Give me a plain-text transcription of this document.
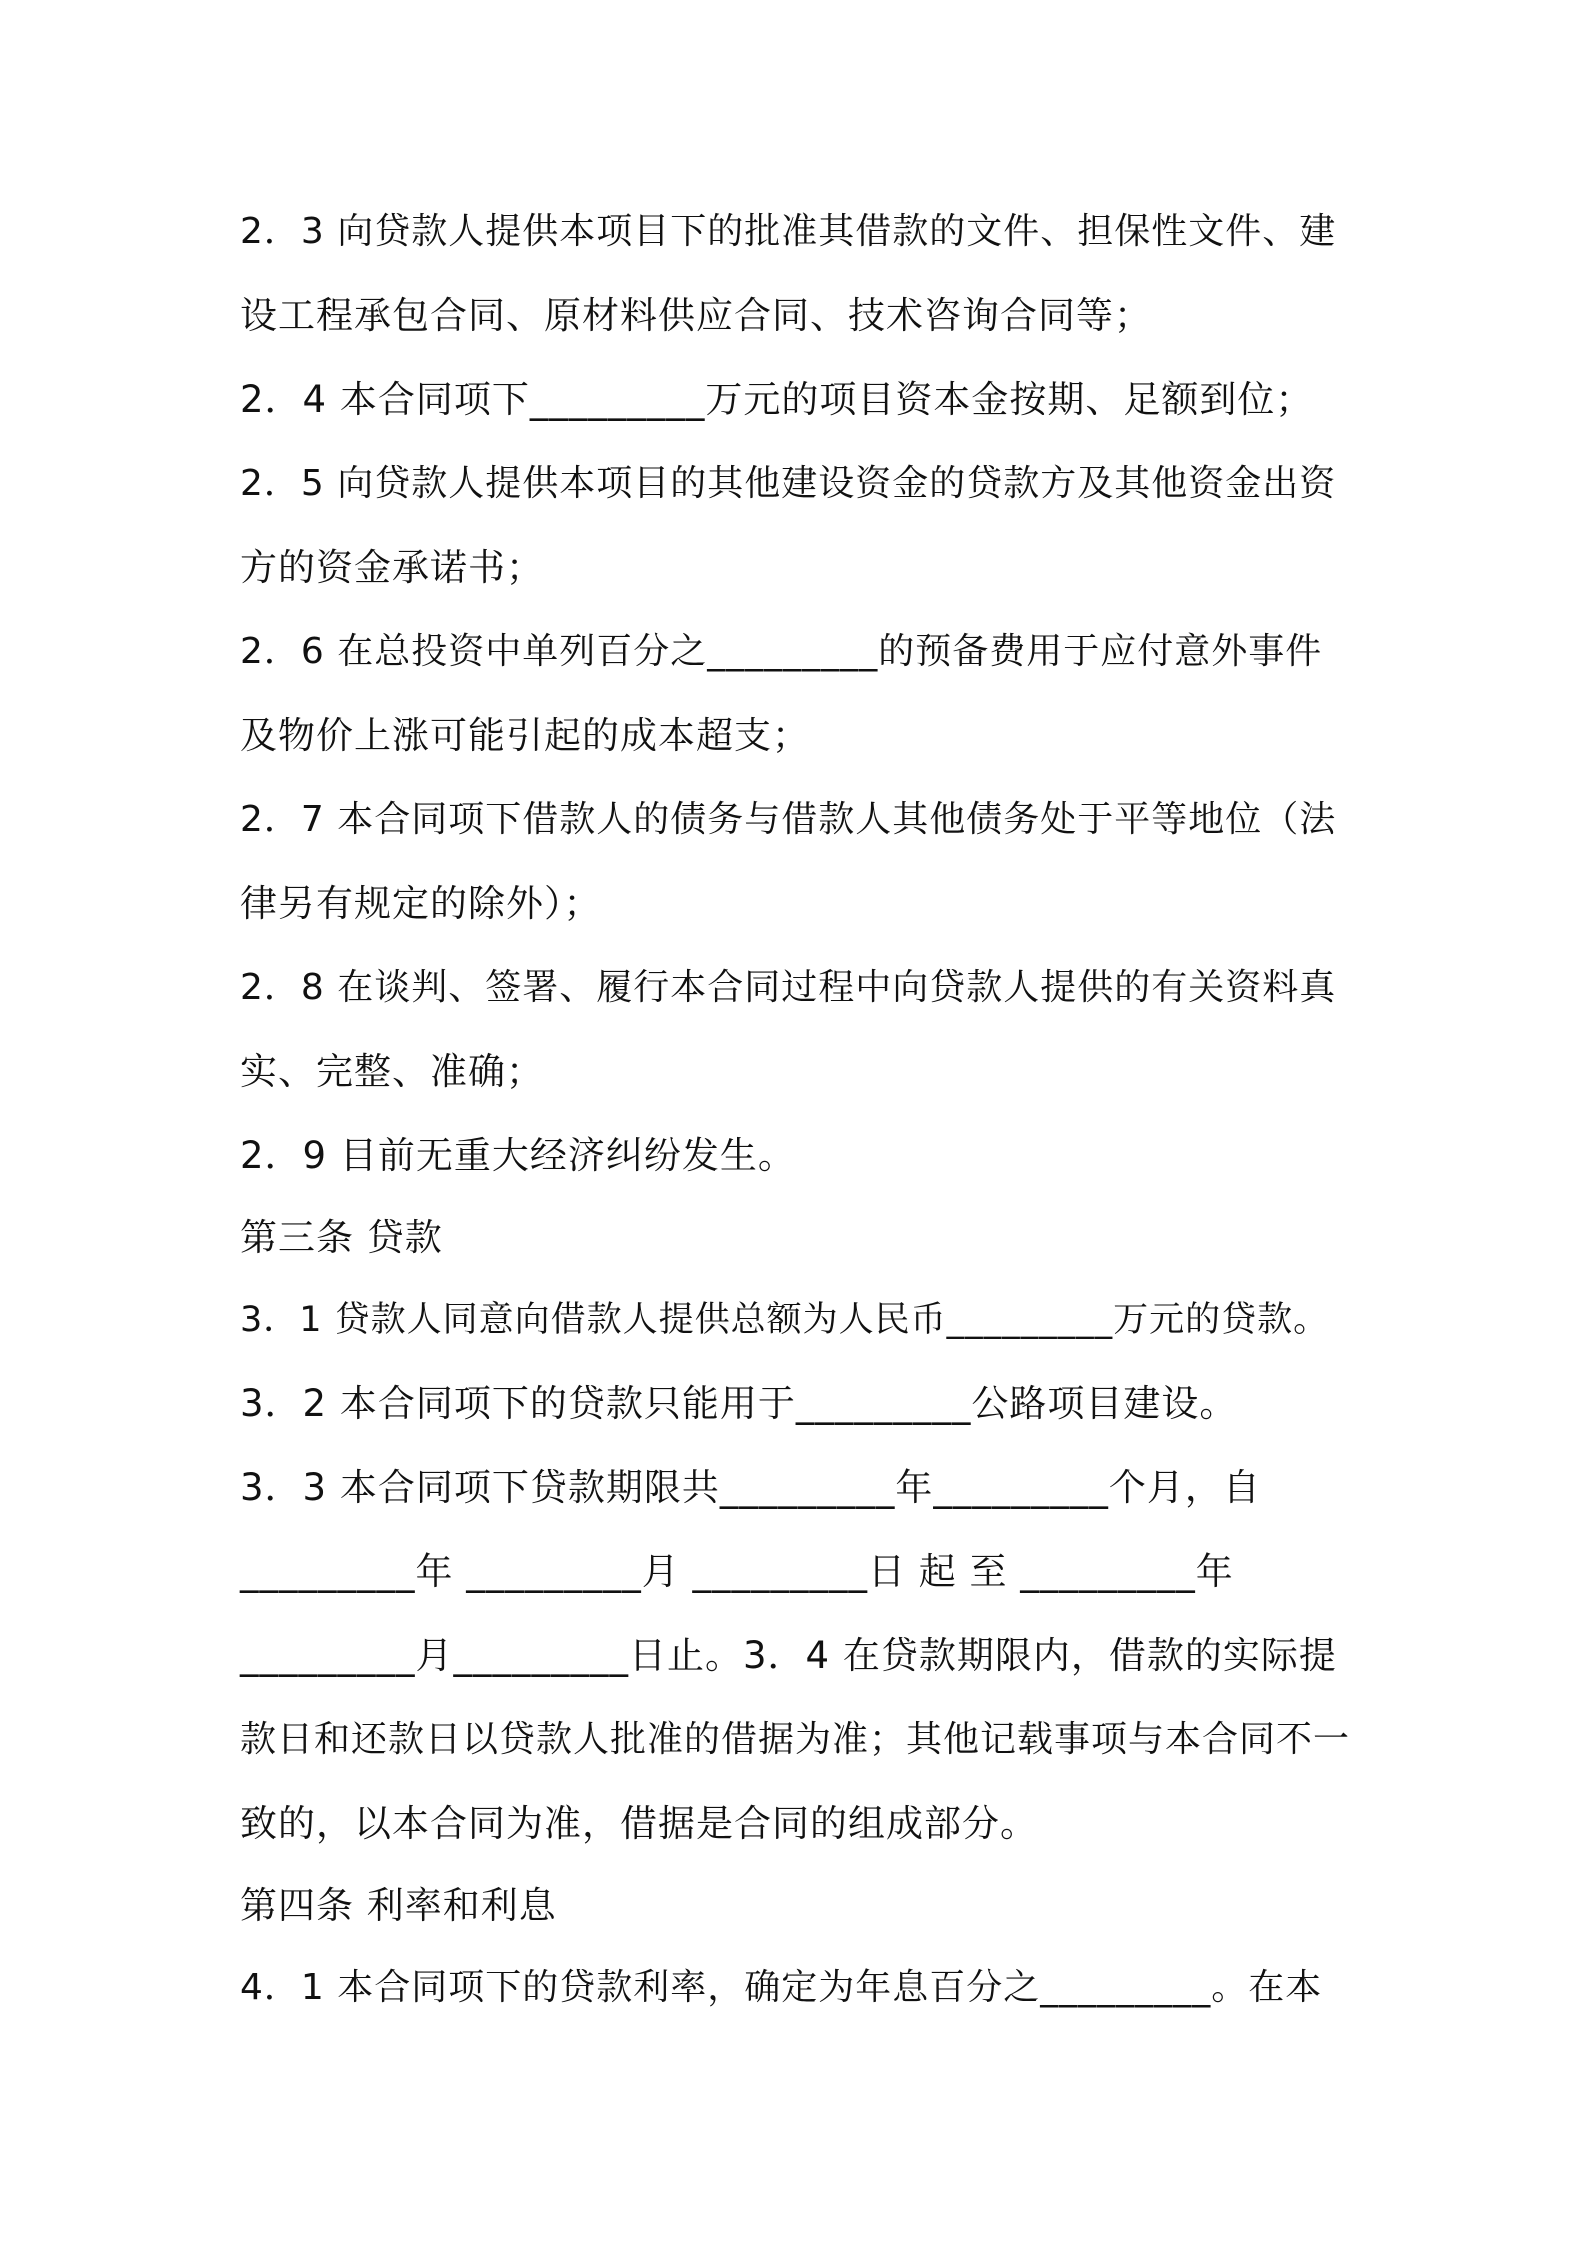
2．3 向贷款人提供本项目下的批准其借款的文件、担保性文件、建
设工程承包合同、原材料供应合同、技术咨询合同等；
2．4 本合同项下_________万元的项目资本金按期、足额到位；
2．5 向贷款人提供本项目的其他建设资金的贷款方及其他资金出资
方的资金承诺书；
2．6 在总投资中单列百分之_________的预备费用于应付意外事件
及物价上涨可能引起的成本超支；
2．7 本合同项下借款人的债务与借款人其他债务处于平等地位（法
律另有规定的除外）；
2．8 在谈判、签署、履行本合同过程中向贷款人提供的有关资料真
实、完整、准确；
2．9 目前无重大经济纠纷发生。
第三条 贷款
3．1 贷款人同意向借款人提供总额为人民币_________万元的贷款。
3．2 本合同项下的贷款只能用于_________公路项目建设。
3．3 本合同项下贷款期限共_________年_________个月，自
_________年 _________月 _________日 起 至 _________年
_________月_________日止。3．4 在贷款期限内，借款的实际提
款日和还款日以贷款人批准的借据为准；其他记载事项与本合同不一
致的，以本合同为准，借据是合同的组成部分。
第四条 利率和利息
4．1 本合同项下的贷款利率，确定为年息百分之_________。在本
